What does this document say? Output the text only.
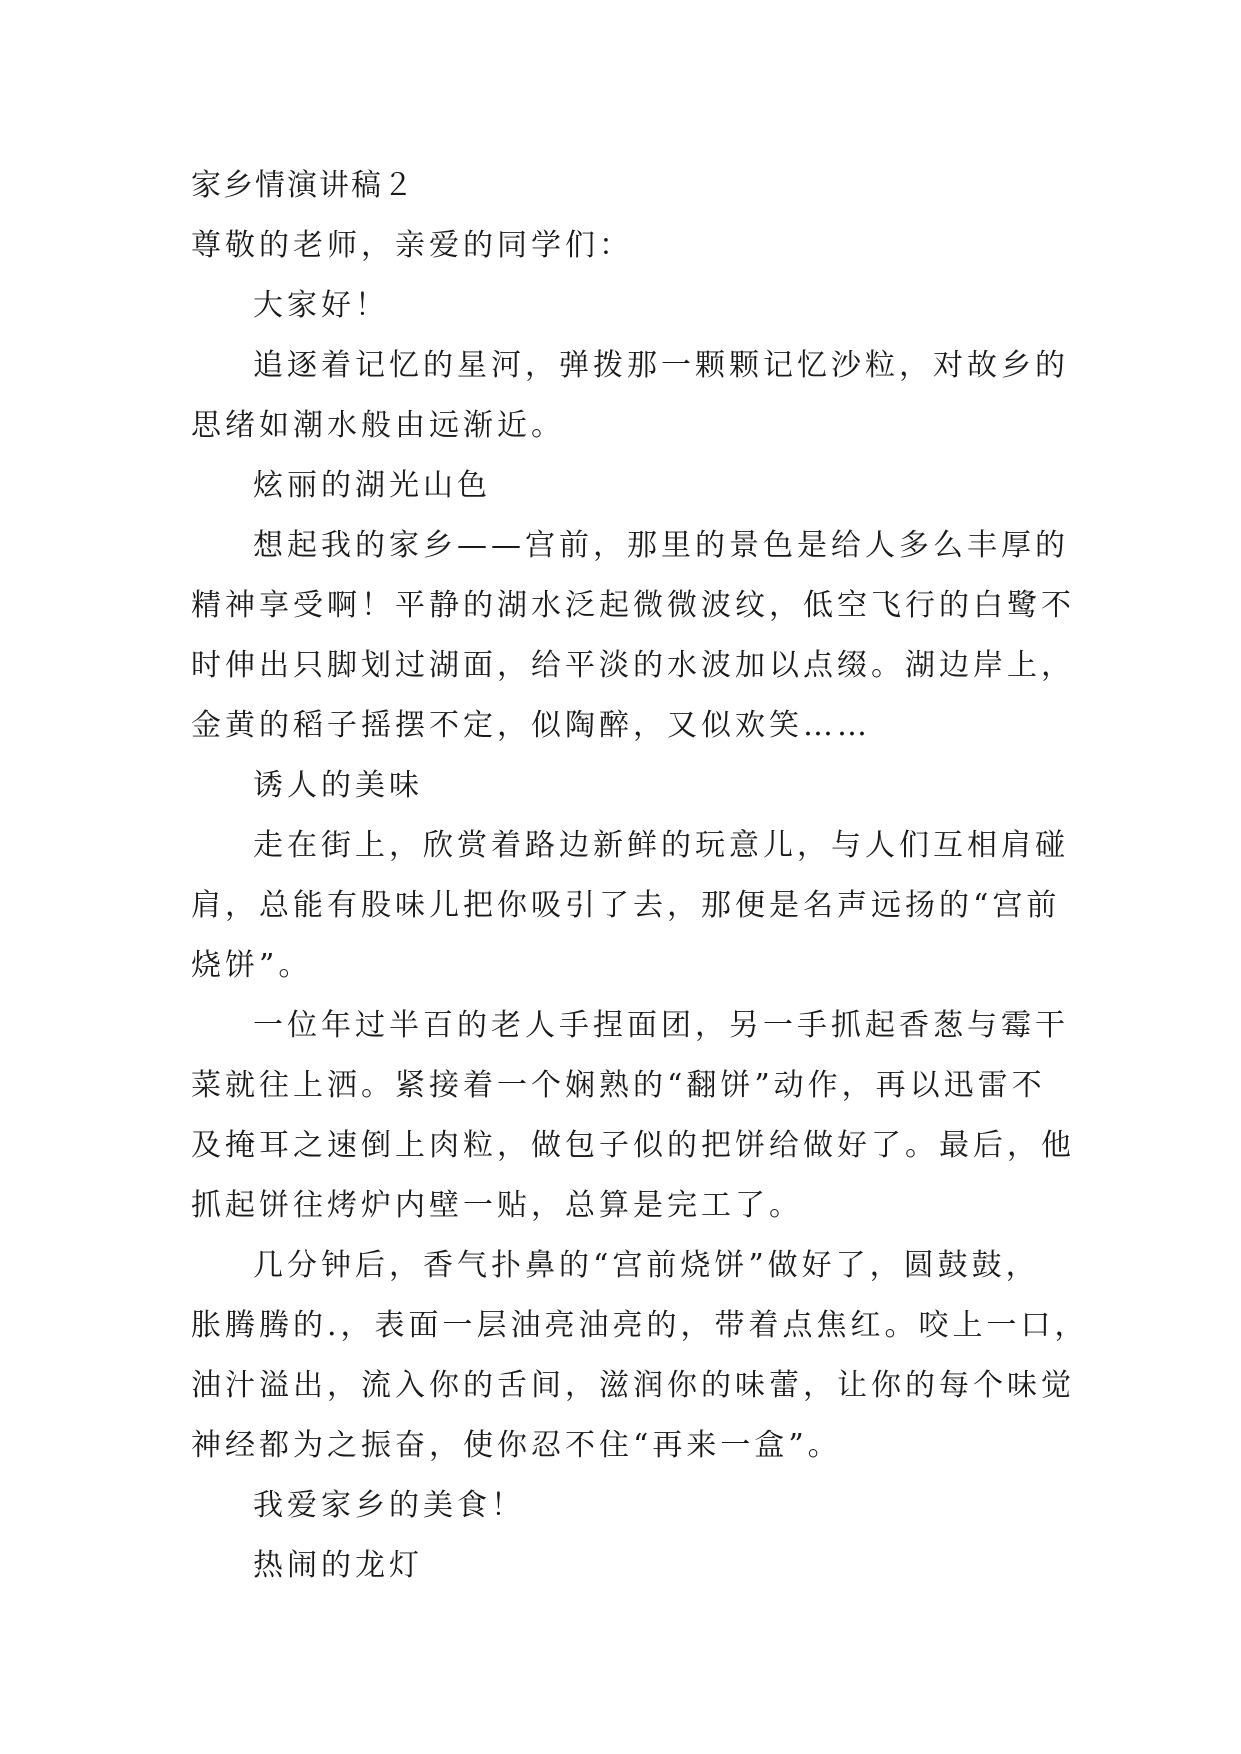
家乡情演讲稿２
尊敬的老师，亲爱的同学们：
大家好！
追逐着记忆的星河，弹拨那一颗颗记忆沙粒，对故乡的
思绪如潮水般由远渐近。
炫丽的湖光山色
想起我的家乡——宫前，那里的景色是给人多么丰厚的
精神享受啊！平静的湖水泛起微微波纹，低空飞行的白鹭不
时伸出只脚划过湖面，给平淡的水波加以点缀。湖边岸上，
金黄的稻子摇摆不定，似陶醉，又似欢笑……
诱人的美味
走在街上，欣赏着路边新鲜的玩意儿，与人们互相肩碰
肩，总能有股味儿把你吸引了去，那便是名声远扬的“宫前
烧饼”。
一位年过半百的老人手捏面团，另一手抓起香葱与霉干
菜就往上洒。紧接着一个娴熟的“翻饼”动作，再以迅雷不
及掩耳之速倒上肉粒，做包子似的把饼给做好了。最后，他
抓起饼往烤炉内壁一贴，总算是完工了。
几分钟后，香气扑鼻的“宫前烧饼”做好了，圆鼓鼓，
胀腾腾的.，表面一层油亮油亮的，带着点焦红。咬上一口，
油汁溢出，流入你的舌间，滋润你的味蕾，让你的每个味觉
神经都为之振奋，使你忍不住“再来一盒”。
我爱家乡的美食！
热闹的龙灯
